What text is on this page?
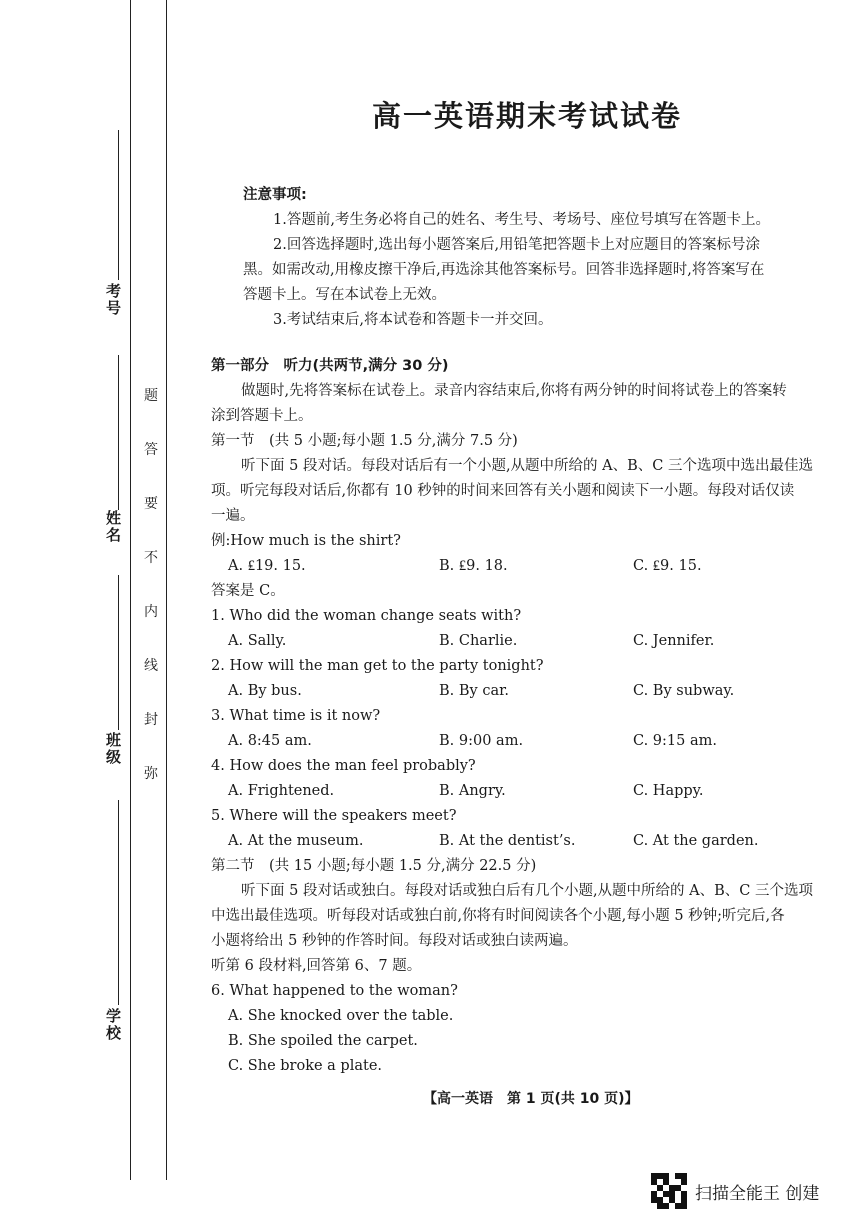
考号
姓名
班级
学校
题
答
要
不
内
线
封
弥
高一英语期末考试试卷
注意事项:
1.答题前,考生务必将自己的姓名、考生号、考场号、座位号填写在答题卡上。
2.回答选择题时,选出每小题答案后,用铅笔把答题卡上对应题目的答案标号涂
黑。如需改动,用橡皮擦干净后,再选涂其他答案标号。回答非选择题时,将答案写在
答题卡上。写在本试卷上无效。
3.考试结束后,将本试卷和答题卡一并交回。
第一部分　听力(共两节,满分 30 分)
做题时,先将答案标在试卷上。录音内容结束后,你将有两分钟的时间将试卷上的答案转
涂到答题卡上。
第一节　(共 5 小题;每小题 1.5 分,满分 7.5 分)
听下面 5 段对话。每段对话后有一个小题,从题中所给的 A、B、C 三个选项中选出最佳选
项。听完每段对话后,你都有 10 秒钟的时间来回答有关小题和阅读下一小题。每段对话仅读
一遍。
例:How much is the shirt?
A. ₤19. 15.	B. ₤9. 18.	C. ₤9. 15.
答案是 C。
1. Who did the woman change seats with?
A. Sally.	B. Charlie.	C. Jennifer.
2. How will the man get to the party tonight?
A. By bus.	B. By car.	C. By subway.
3. What time is it now?
A. 8:45 am.	B. 9:00 am.	C. 9:15 am.
4. How does the man feel probably?
A. Frightened.	B. Angry.	C. Happy.
5. Where will the speakers meet?
A. At the museum.	B. At the dentist’s.	C. At the garden.
第二节　(共 15 小题;每小题 1.5 分,满分 22.5 分)
听下面 5 段对话或独白。每段对话或独白后有几个小题,从题中所给的 A、B、C 三个选项
中选出最佳选项。听每段对话或独白前,你将有时间阅读各个小题,每小题 5 秒钟;听完后,各
小题将给出 5 秒钟的作答时间。每段对话或独白读两遍。
听第 6 段材料,回答第 6、7 题。
6. What happened to the woman?
A. She knocked over the table.
B. She spoiled the carpet.
C. She broke a plate.
【高一英语　第 1 页(共 10 页)】
扫描全能王 创建
